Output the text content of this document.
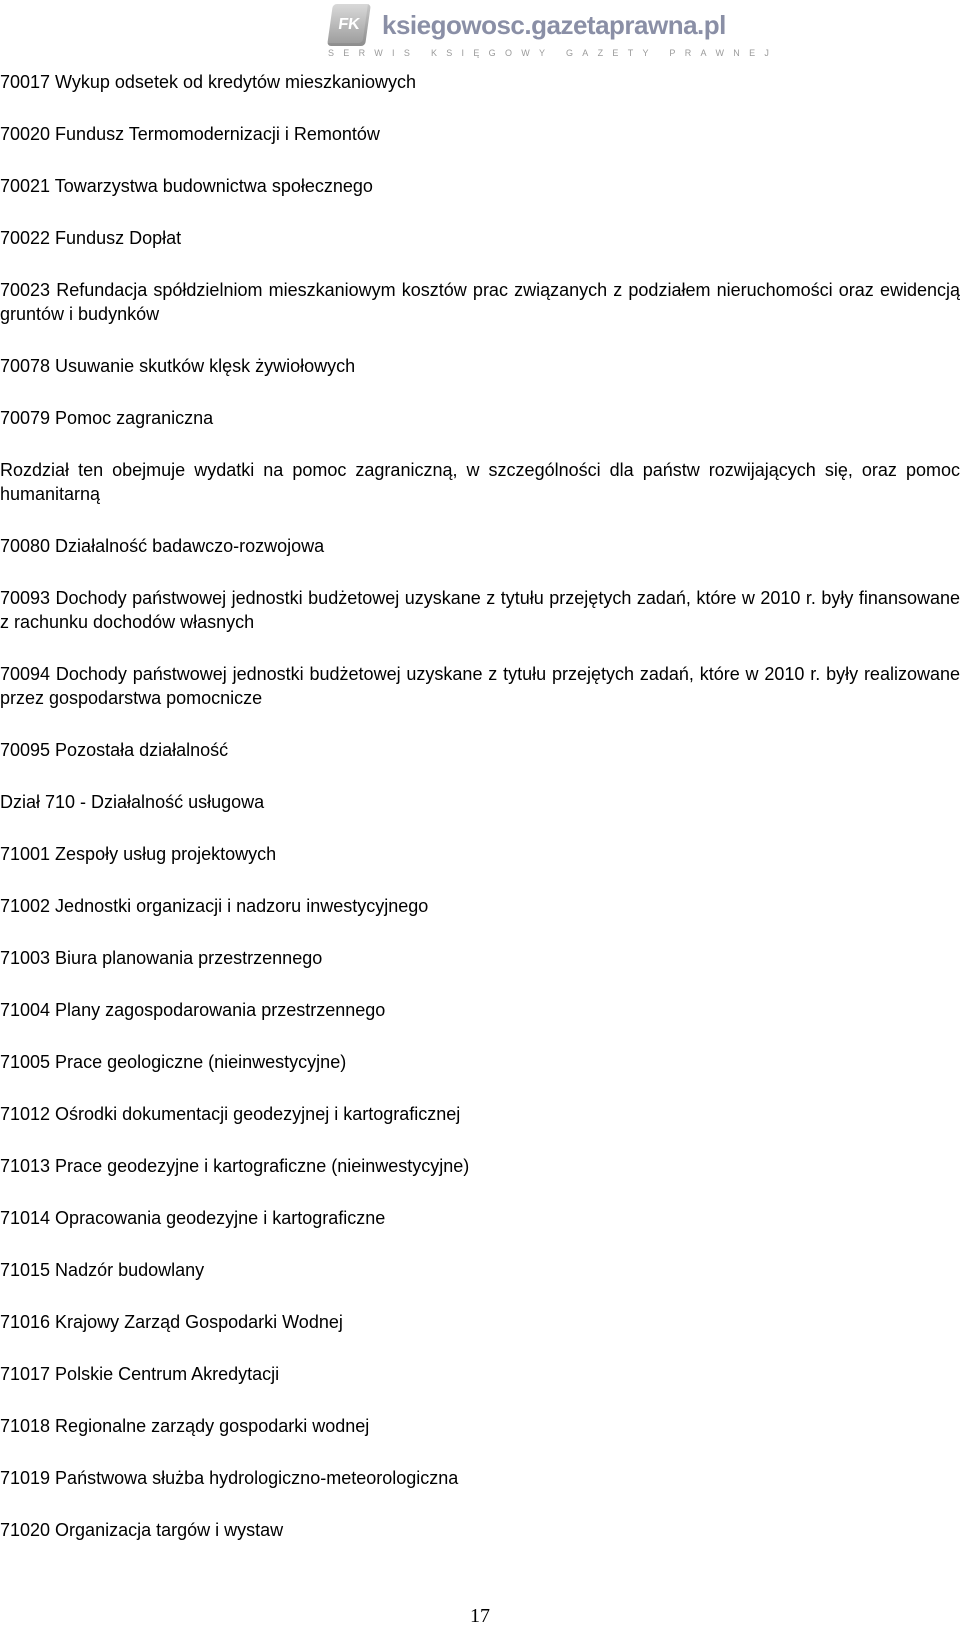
FK ksiegowosc.gazetaprawna.pl
SERWIS KSIĘGOWY GAZETY PRAWNEJ

70017 Wykup odsetek od kredytów mieszkaniowych

70020 Fundusz Termomodernizacji i Remontów

70021 Towarzystwa budownictwa społecznego

70022 Fundusz Dopłat

70023 Refundacja spółdzielniom mieszkaniowym kosztów prac związanych z podziałem nieruchomości oraz ewidencją gruntów i budynków

70078 Usuwanie skutków klęsk żywiołowych

70079 Pomoc zagraniczna

Rozdział ten obejmuje wydatki na pomoc zagraniczną, w szczególności dla państw rozwijających się, oraz pomoc humanitarną

70080 Działalność badawczo-rozwojowa

70093 Dochody państwowej jednostki budżetowej uzyskane z tytułu przejętych zadań, które w 2010 r. były finansowane z rachunku dochodów własnych

70094 Dochody państwowej jednostki budżetowej uzyskane z tytułu przejętych zadań, które w 2010 r. były realizowane przez gospodarstwa pomocnicze

70095 Pozostała działalność

Dział 710 - Działalność usługowa

71001 Zespoły usług projektowych

71002 Jednostki organizacji i nadzoru inwestycyjnego

71003 Biura planowania przestrzennego

71004 Plany zagospodarowania przestrzennego

71005 Prace geologiczne (nieinwestycyjne)

71012 Ośrodki dokumentacji geodezyjnej i kartograficznej

71013 Prace geodezyjne i kartograficzne (nieinwestycyjne)

71014 Opracowania geodezyjne i kartograficzne

71015 Nadzór budowlany

71016 Krajowy Zarząd Gospodarki Wodnej

71017 Polskie Centrum Akredytacji

71018 Regionalne zarządy gospodarki wodnej

71019 Państwowa służba hydrologiczno-meteorologiczna

71020 Organizacja targów i wystaw

17
